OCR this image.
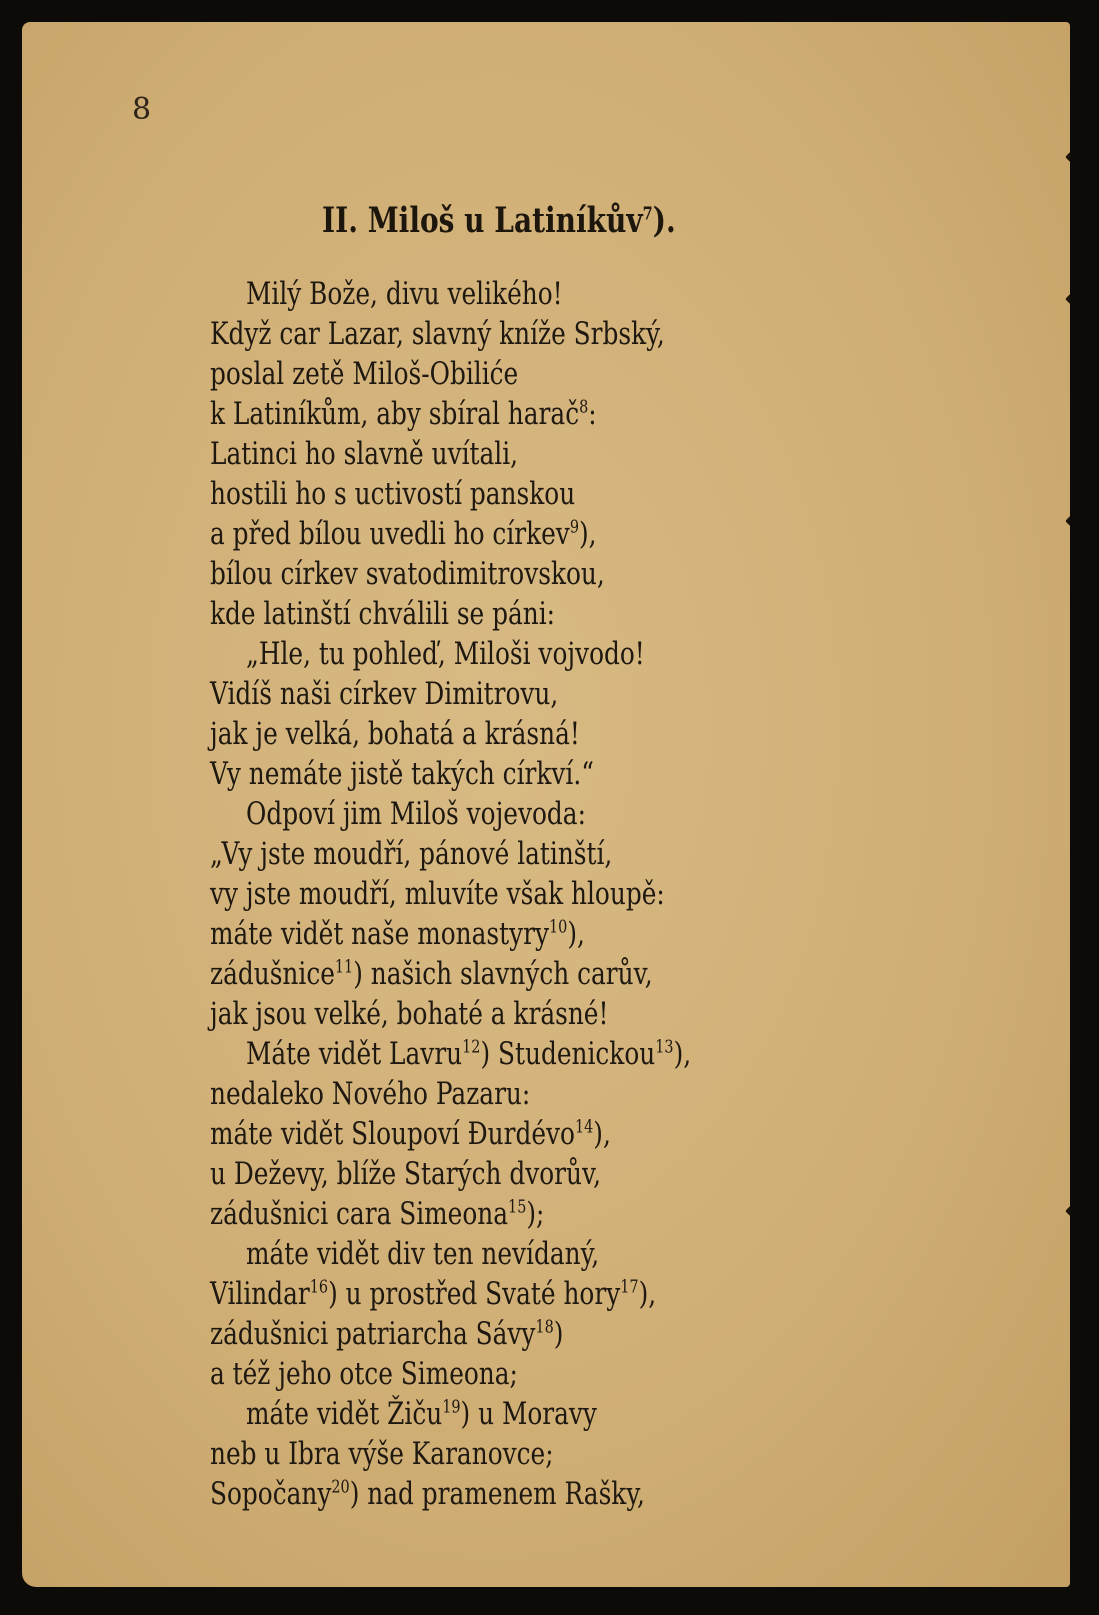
8

II. Miloš u Latiníkův$^7$).
Milý Bože, divu velikého!
Když car Lazar, slavný kníže Srbský,
poslal zetě Miloš-Obiliće
k Latiníkům, aby sbíral harač$^8$:
Latinci ho slavně uvítali,
hostili ho s uctivostí panskou
a před bílou uvedli ho církev$^9$),
bílou církev svatodimitrovskou,
kde latinští chválili se páni:
„Hle, tu pohleď, Miloši vojvodo!
Vidíš naši církev Dimitrovu,
jak je velká, bohatá a krásná!
Vy nemáte jistě takých církví.“
Odpoví jim Miloš vojevoda:
„Vy jste moudří, pánové latinští,
vy jste moudří, mluvíte však hloupě:
máte vidět naše monastyry$^{10}$),
zádušnice$^{11}$) našich slavných carův,
jak jsou velké, bohaté a krásné!
Máte vidět Lavru$^{12}$) Studenickou$^{13}$),
nedaleko Nového Pazaru:
máte vidět Sloupoví Đurdévo$^{14}$),
u Deževy, blíže Starých dvorův,
zádušnici cara Simeona$^{15}$);
máte vidět div ten nevídaný,
Vilindar$^{16}$) u prostřed Svaté hory$^{17}$),
zádušnici patriarcha Sávy$^{18}$)
a též jeho otce Simeona;
máte vidět Žiču$^{19}$) u Moravy
neb u Ibra výše Karanovce;
Sopočany$^{20}$) nad pramenem Rašky,
